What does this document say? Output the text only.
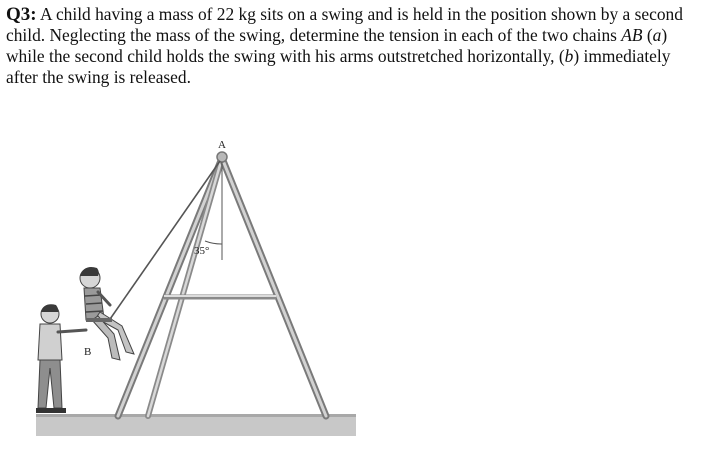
Q3: A child having a mass of 22 kg sits on a swing and is held in the position shown by a second child. Neglecting the mass of the swing, determine the tension in each of the two chains AB (a) while the second child holds the swing with his arms outstretched horizontally, (b) immediately after the swing is released.

A
35°
B
